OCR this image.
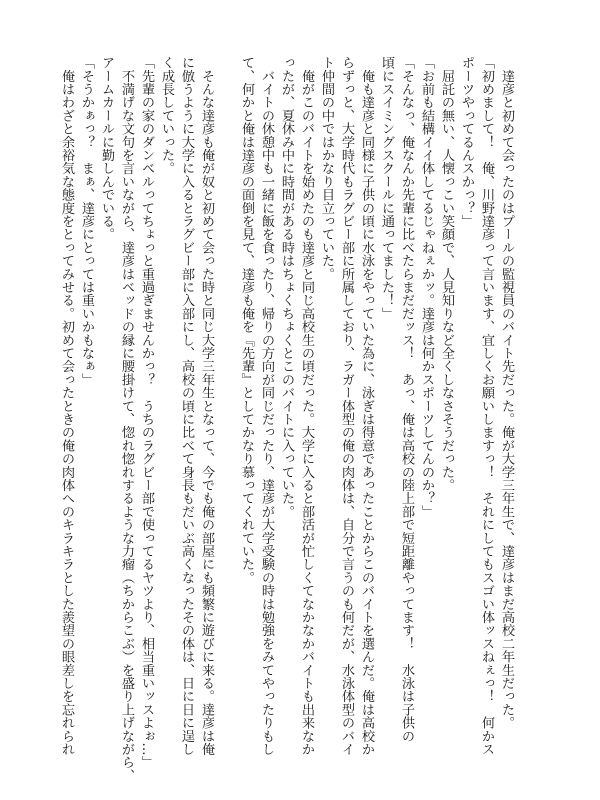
　達彦と初めて会ったのはプールの監視員のバイト先だった。俺が大学三年生で、達彦はまだ高校二年生だった。

「初めまして！　俺、川野達彦って言います、宜しくお願いしますっ！　それにしてもスゴい体ッスねぇっ！　何かス

ポーツやってるんスかっ？」

　屈託の無い、人懐っこい笑顔で、人見知りなど全くしなさそうだった。

「お前も結構イイ体してるじゃねぇかッ。達彦は何かスポーツしてんのか？」

「そんなっ、俺なんか先輩に比べたらまだだッス！　あっ、俺は高校の陸上部で短距離やってます！　水泳は子供の

頃にスイミングスクールに通ってました！」

　俺も達彦と同様に子供の頃に水泳をやっていた為に、泳ぎは得意であったことからこのバイトを選んだ。俺は高校か

らずっと、大学時代もラグビー部に所属しており、ラガー体型の俺の肉体は、自分で言うのも何だが、水泳体型のバイ

ト仲間の中ではかなり目立っていた。

　俺がこのバイトを始めたのも達彦と同じ高校生の頃だった。大学に入ると部活が忙しくてなかなかバイトも出来なか

ったが、夏休み中に時間がある時はちょくちょくとこのバイトに入っていた。

　バイトの休憩中も一緒に飯を食ったり、帰りの方向が同じだったり、達彦が大学受験の時は勉強をみてやったりもし

て、何かと俺は達彦の面倒を見て、達彦も俺を『先輩』としてかなり慕ってくれていた。

　そんな達彦も俺が奴と初めて会った時と同じ大学三年生となって、今でも俺の部屋にも頻繁に遊びに来る。達彦は俺

に倣うように大学に入るとラグビー部に入部にし、高校の頃に比べて身長もだいぶ高くなったその体は、日に日に逞し

く成長していった。

「先輩の家のダンベルってちょっと重過ぎませんかっ？　うちのラグビー部で使ってるヤツより、相当重いッスよぉ…」

　不満げな文句を言いながら、達彦はベッドの縁に腰掛けて、惚れ惚れするような力瘤（ちからこぶ）を盛り上げながら、

アームカールに勤しんでいる。

「そうかぁっ？　まぁ、達彦にとっては重いかもなぁ」

　俺はわざと余裕気な態度をとってみせる。初めて会ったときの俺の肉体へのキラキラとした羨望の眼差しを忘れられ
